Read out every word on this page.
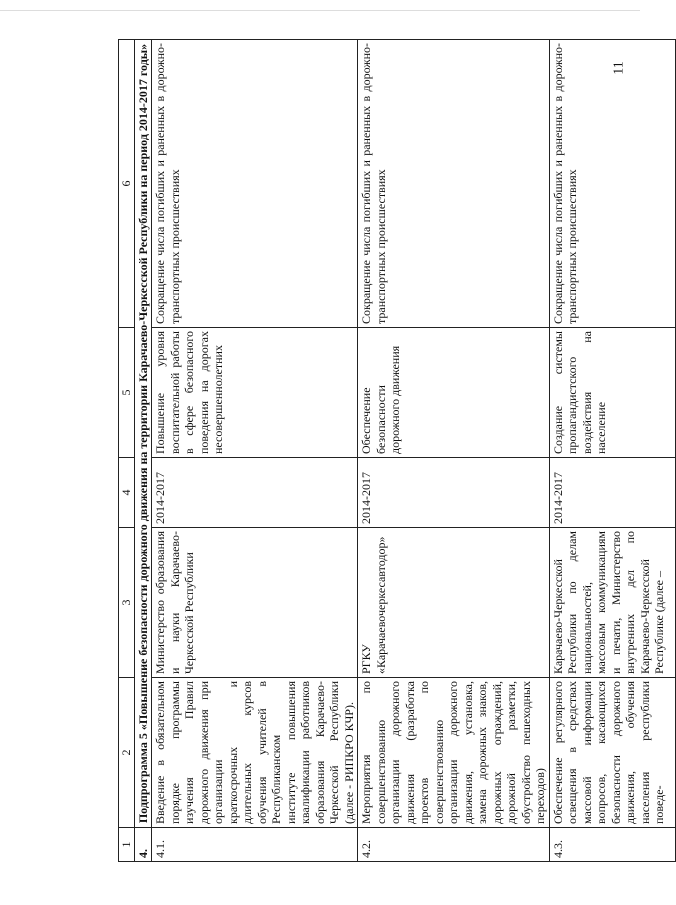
11
1	2	3	4	5	6
4.	Подпрограмма 5 «Повышение безопасности дорожного движения на территории Карачаево-Черкесской Республики на период 2014-2017 годы»				
4.1.	Введение в обязательном порядке программы изучения Правил дорожного движения при организации краткосрочных и длительных курсов обучения учителей в Республиканском институте повышения квалификации работников образования Карачаево-Черкесской Республики (далее - РИПКРО КЧР).	Министерство образования и науки Карачаево-Черкесской Республики	2014-2017	Повышение уровня воспитательной работы в сфере безопасного поведения на дорогах несовершеннолетних	Сокращение числа погибших и раненных в дорожно-транспортных происшествиях
4.2.	Мероприятия по совершенствованию организации дорожного движения (разработка проектов по совершенствованию организации дорожного движения, установка, замена дорожных знаков, дорожных ограждений, дорожной разметки, обустройство пешеходных переходов)	РГКУ «Карачаевочеркесавтодор»	2014-2017	Обеспечение безопасности дорожного движения	Сокращение числа погибших и раненных в дорожно-транспортных происшествиях
4.3.	Обеспечение регулярного освещения в средствах массовой информации вопросов, касающихся безопасности дорожного движения, обучения населения республики поведе-	Карачаево-Черкесской Республики по делам национальностей, массовым коммуникациям и печати, Министерство внутренних дел по Карачаево-Черкесской Республике (далее –	2014-2017	Создание системы пропагандистского воздействия на население	Сокращение числа погибших и раненных в дорожно-транспортных происшествиях
